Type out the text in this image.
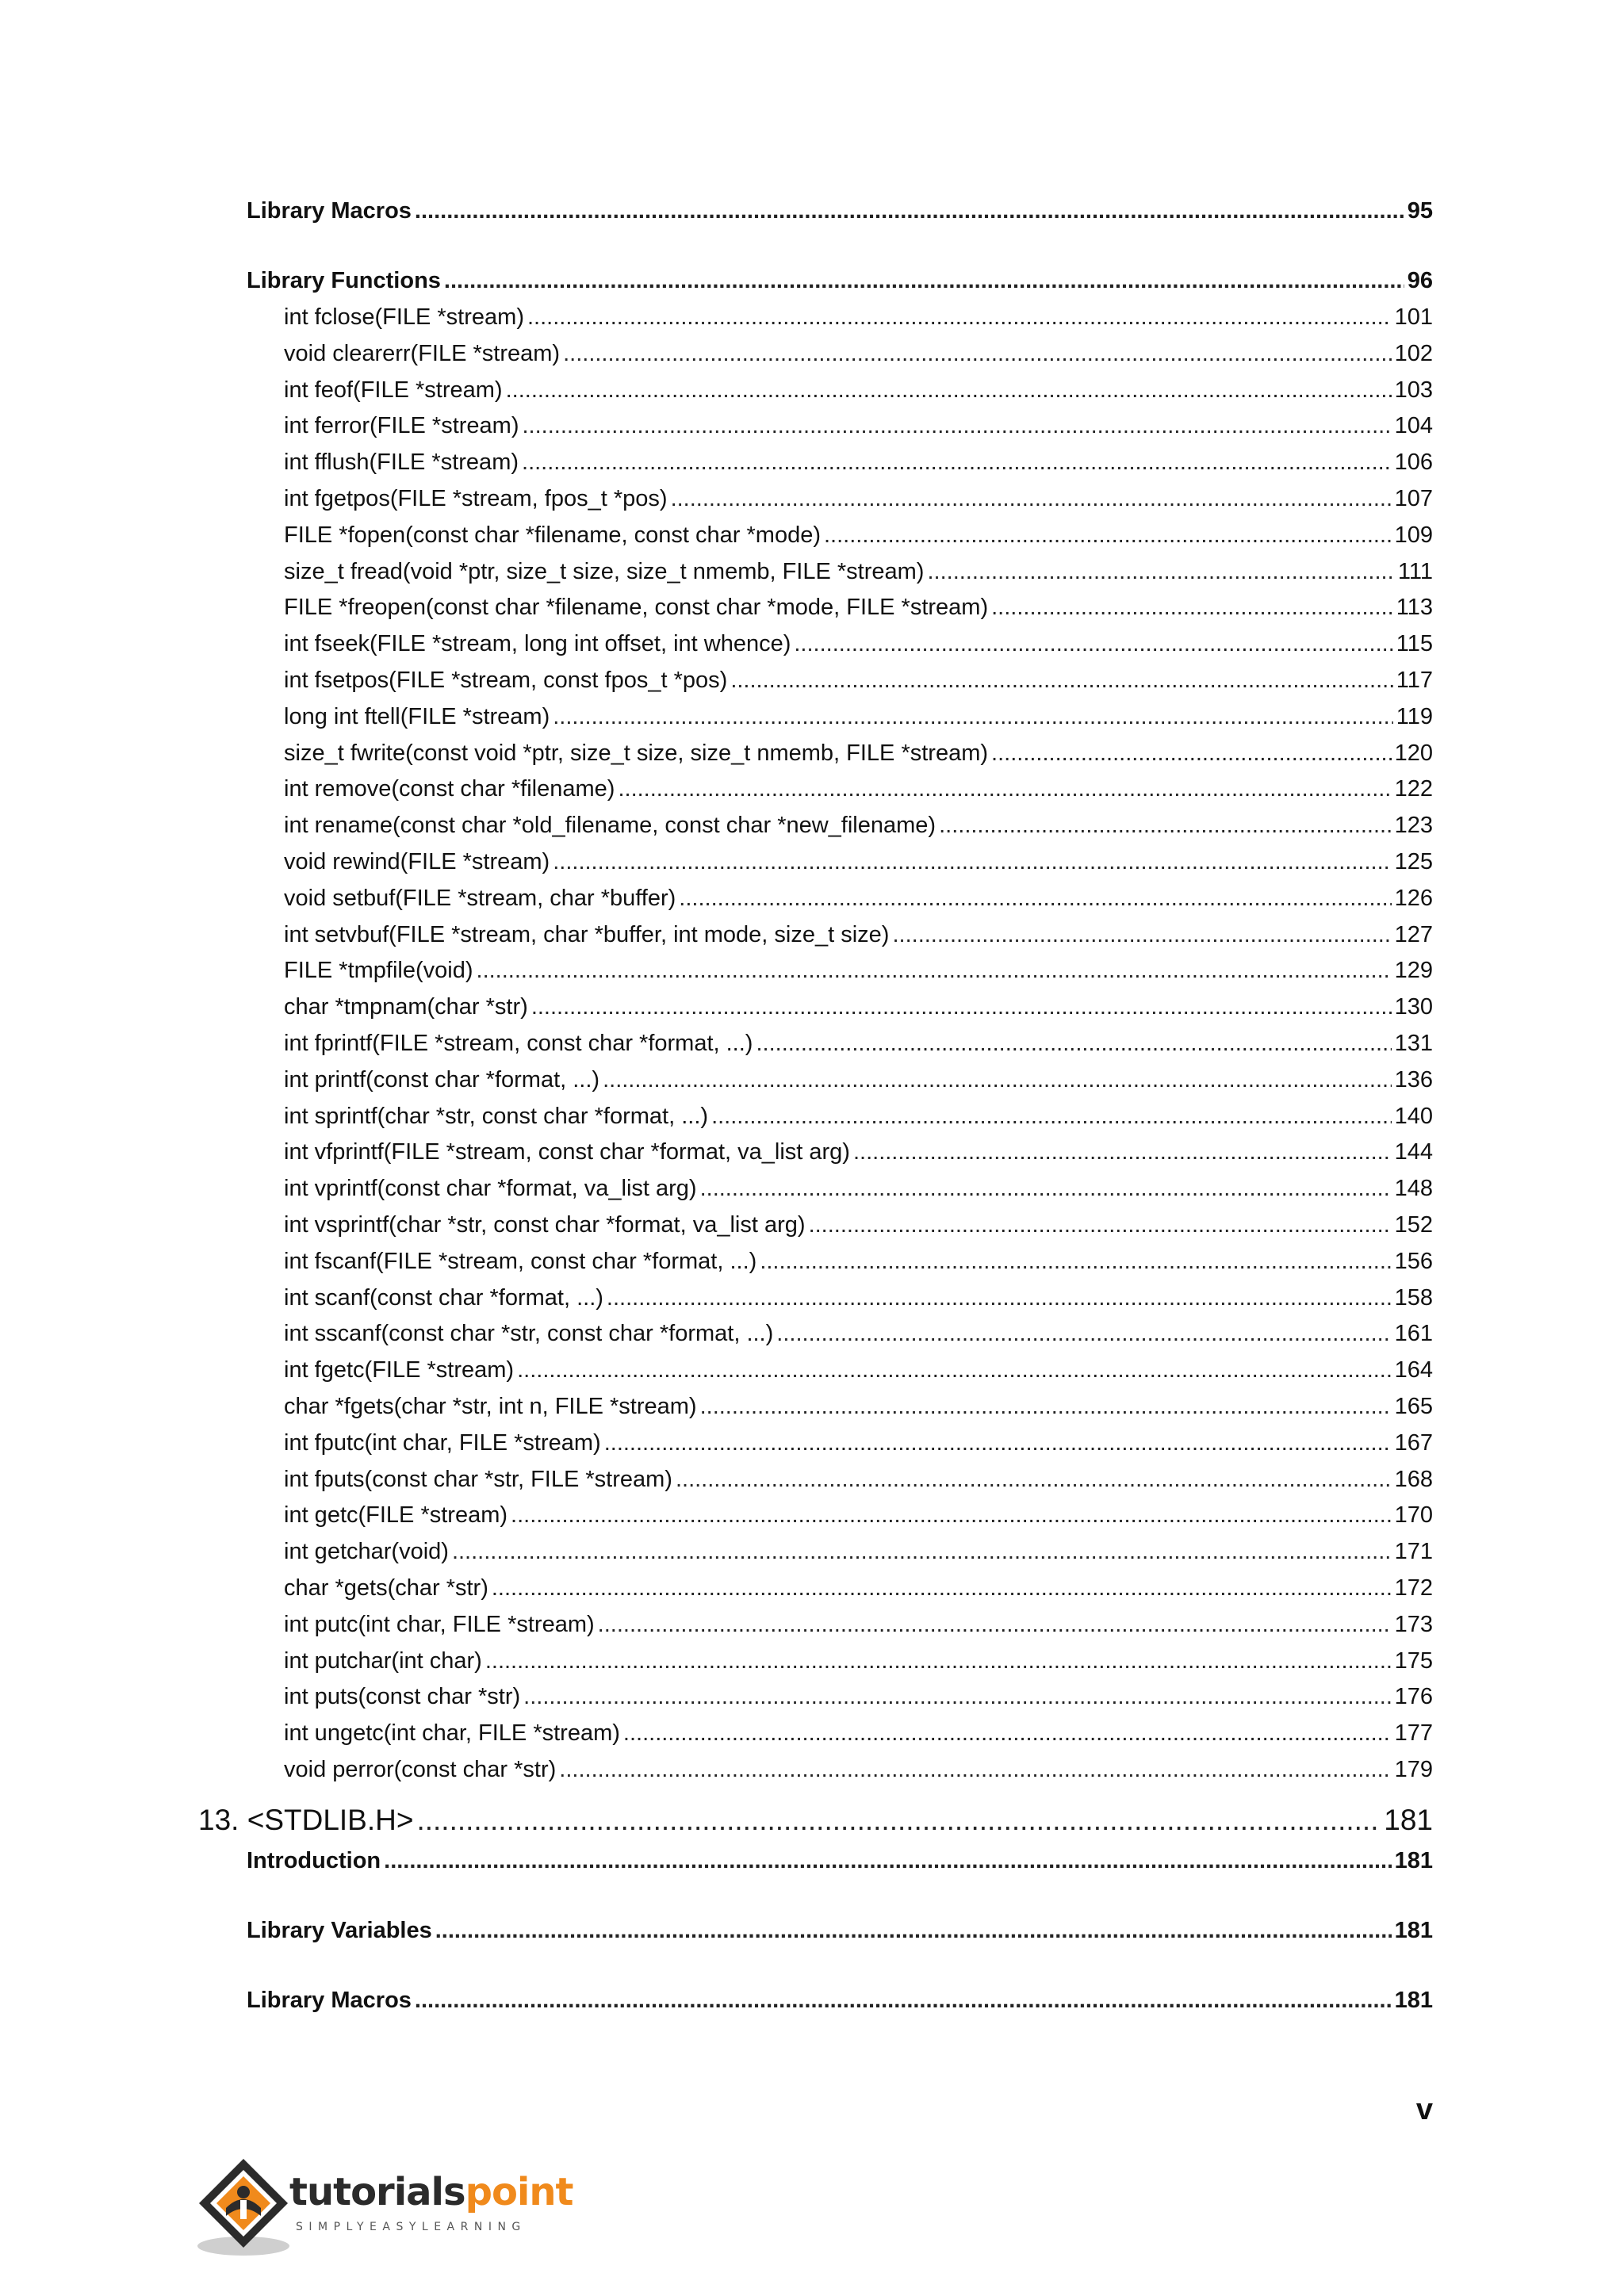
Library Macros .....	95
Library Functions .....	96
int fclose(FILE *stream) .....	101
void clearerr(FILE *stream) .....	102
int feof(FILE *stream) .....	103
int ferror(FILE *stream) .....	104
int fflush(FILE *stream) .....	106
int fgetpos(FILE *stream, fpos_t *pos) .....	107
FILE *fopen(const char *filename, const char *mode) .....	109
size_t fread(void *ptr, size_t size, size_t nmemb, FILE *stream) .....	111
FILE *freopen(const char *filename, const char *mode, FILE *stream) .....	113
int fseek(FILE *stream, long int offset, int whence) .....	115
int fsetpos(FILE *stream, const fpos_t *pos) .....	117
long int ftell(FILE *stream) .....	119
size_t fwrite(const void *ptr, size_t size, size_t nmemb, FILE *stream) .....	120
int remove(const char *filename) .....	122
int rename(const char *old_filename, const char *new_filename) .....	123
void rewind(FILE *stream) .....	125
void setbuf(FILE *stream, char *buffer) .....	126
int setvbuf(FILE *stream, char *buffer, int mode, size_t size) .....	127
FILE *tmpfile(void) .....	129
char *tmpnam(char *str) .....	130
int fprintf(FILE *stream, const char *format, ...) .....	131
int printf(const char *format, ...) .....	136
int sprintf(char *str, const char *format, ...) .....	140
int vfprintf(FILE *stream, const char *format, va_list arg) .....	144
int vprintf(const char *format, va_list arg) .....	148
int vsprintf(char *str, const char *format, va_list arg) .....	152
int fscanf(FILE *stream, const char *format, ...) .....	156
int scanf(const char *format, ...) .....	158
int sscanf(const char *str, const char *format, ...) .....	161
int fgetc(FILE *stream) .....	164
char *fgets(char *str, int n, FILE *stream) .....	165
int fputc(int char, FILE *stream) .....	167
int fputs(const char *str, FILE *stream) .....	168
int getc(FILE *stream) .....	170
int getchar(void) .....	171
char *gets(char *str) .....	172
int putc(int char, FILE *stream) .....	173
int putchar(int char) .....	175
int puts(const char *str) .....	176
int ungetc(int char, FILE *stream) .....	177
void perror(const char *str) .....	179
13. <STDLIB.H> .....	181
Introduction .....	181
Library Variables .....	181
Library Macros .....	181
v
tutorialspoint
SIMPLYEASYLEARNING
